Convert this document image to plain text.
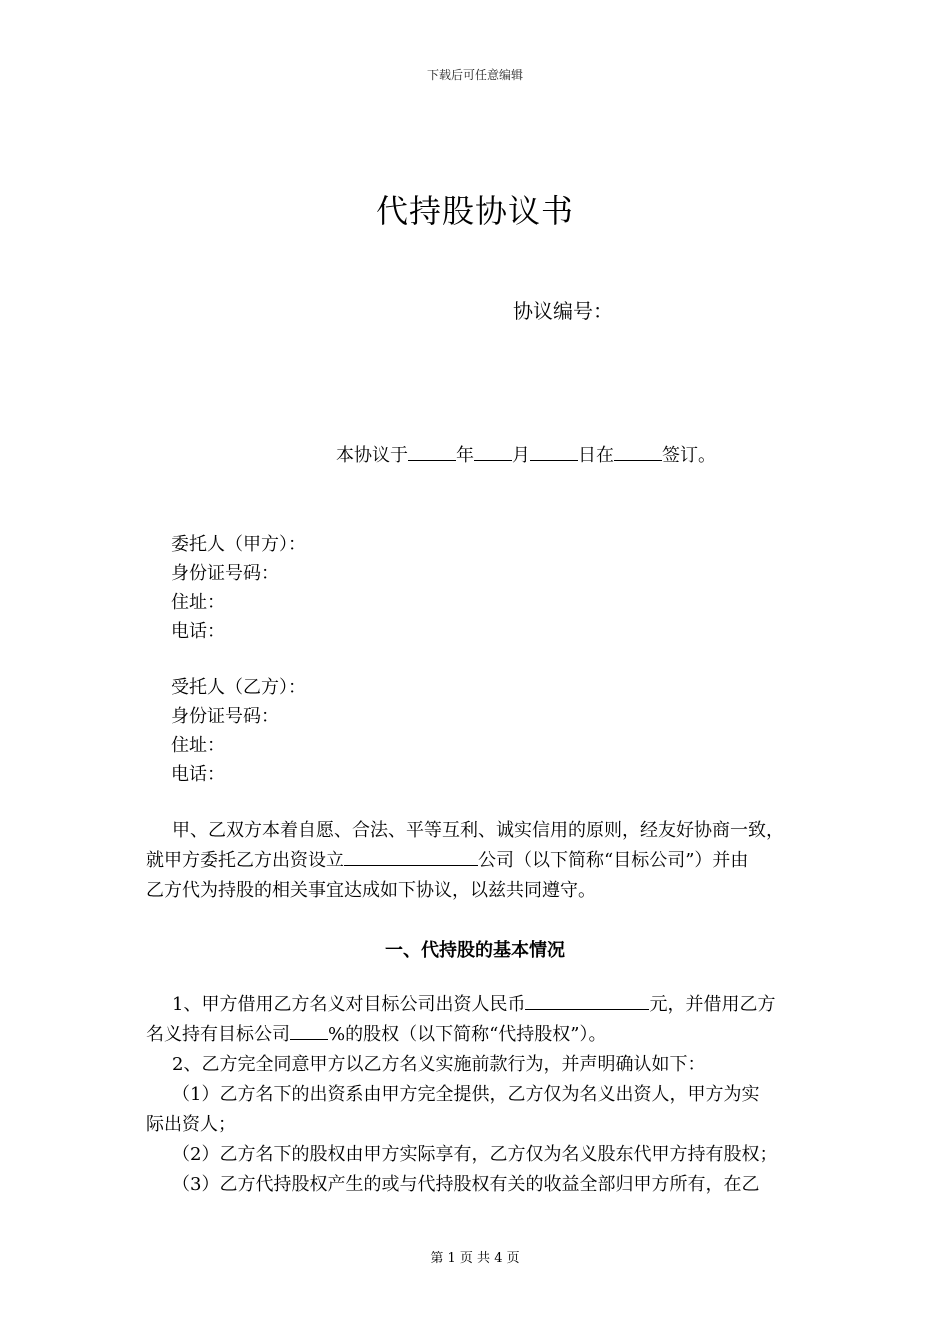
下载后可任意编辑
代持股协议书
协议编号：
本协议于	年 月	日在	签订。
委托人（甲方）：
身份证号码：
住址：
电话：
受托人（乙方）：
身份证号码：
住址：
电话：
甲、乙双方本着自愿、合法、平等互利、诚实信用的原则，经友好协商一致，
就甲方委托乙方出资设立	公司（以下简称“目标公司”）并由
乙方代为持股的相关事宜达成如下协议，以兹共同遵守。
一、代持股的基本情况
1、甲方借用乙方名义对目标公司出资人民币	元，并借用乙方
名义持有目标公司 %的股权（以下简称“代持股权”）。
2、乙方完全同意甲方以乙方名义实施前款行为，并声明确认如下：
（1）乙方名下的出资系由甲方完全提供，乙方仅为名义出资人，甲方为实
际出资人；
（2）乙方名下的股权由甲方实际享有，乙方仅为名义股东代甲方持有股权；
（3）乙方代持股权产生的或与代持股权有关的收益全部归甲方所有，在乙
第 1 页 共 4 页
